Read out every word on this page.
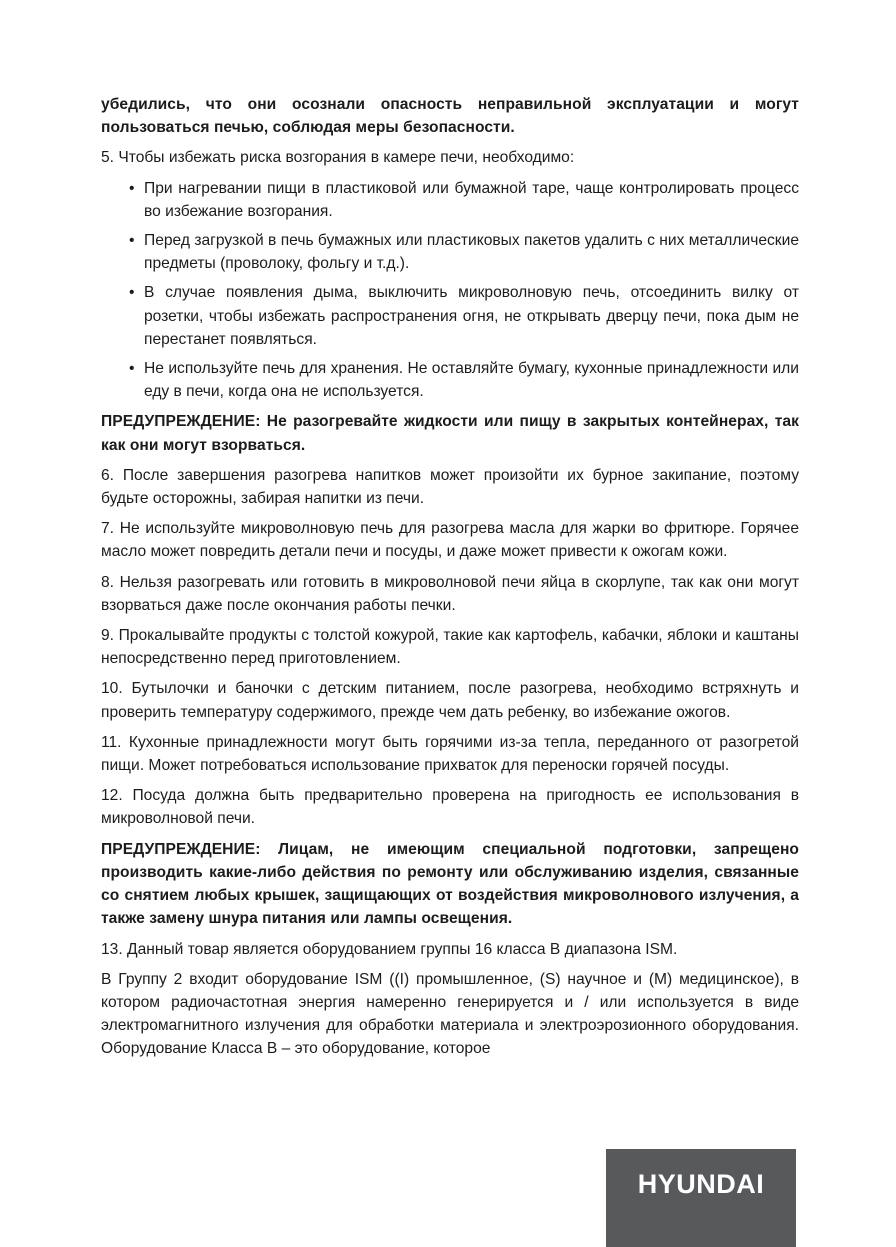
убедились, что они осознали опасность неправильной эксплуатации и могут пользоваться печью, соблюдая меры безопасности.

5. Чтобы избежать риска возгорания в камере печи, необходимо:

• При нагревании пищи в пластиковой или бумажной таре, чаще контролировать процесс во избежание возгорания.
• Перед загрузкой в печь бумажных или пластиковых пакетов удалить с них металлические предметы (проволоку, фольгу и т.д.).
• В случае появления дыма, выключить микроволновую печь, отсоединить вилку от розетки, чтобы избежать распространения огня, не открывать дверцу печи, пока дым не перестанет появляться.
• Не используйте печь для хранения. Не оставляйте бумагу, кухонные принадлежности или еду в печи, когда она не используется.

ПРЕДУПРЕЖДЕНИЕ: Не разогревайте жидкости или пищу в закрытых контейнерах, так как они могут взорваться.

6. После завершения разогрева напитков может произойти их бурное закипание, поэтому будьте осторожны, забирая напитки из печи.

7. Не используйте микроволновую печь для разогрева масла для жарки во фритюре. Горячее масло может повредить детали печи и посуды, и даже может привести к ожогам кожи.

8. Нельзя разогревать или готовить в микроволновой печи яйца в скорлупе, так как они могут взорваться даже после окончания работы печки.

9. Прокалывайте продукты с толстой кожурой, такие как картофель, кабачки, яблоки и каштаны непосредственно перед приготовлением.

10. Бутылочки и баночки с детским питанием, после разогрева, необходимо встряхнуть и проверить температуру содержимого, прежде чем дать ребенку, во избежание ожогов.

11. Кухонные принадлежности могут быть горячими из-за тепла, переданного от разогретой пищи. Может потребоваться использование прихваток для переноски горячей посуды.

12. Посуда должна быть предварительно проверена на пригодность ее использования в микроволновой печи.

ПРЕДУПРЕЖДЕНИЕ: Лицам, не имеющим специальной подготовки, запрещено производить какие-либо действия по ремонту или обслуживанию изделия, связанные со снятием любых крышек, защищающих от воздействия микроволнового излучения, а также замену шнура питания или лампы освещения.

13. Данный товар является оборудованием группы 16 класса В диапазона ISM.

В Группу 2 входит оборудование ISM ((I) промышленное, (S) научное и (M) медицинское), в котором радиочастотная энергия намеренно генерируется и / или используется в виде электромагнитного излучения для обработки материала и электроэрозионного оборудования. Оборудование Класса В – это оборудование, которое

HYUNDAI
